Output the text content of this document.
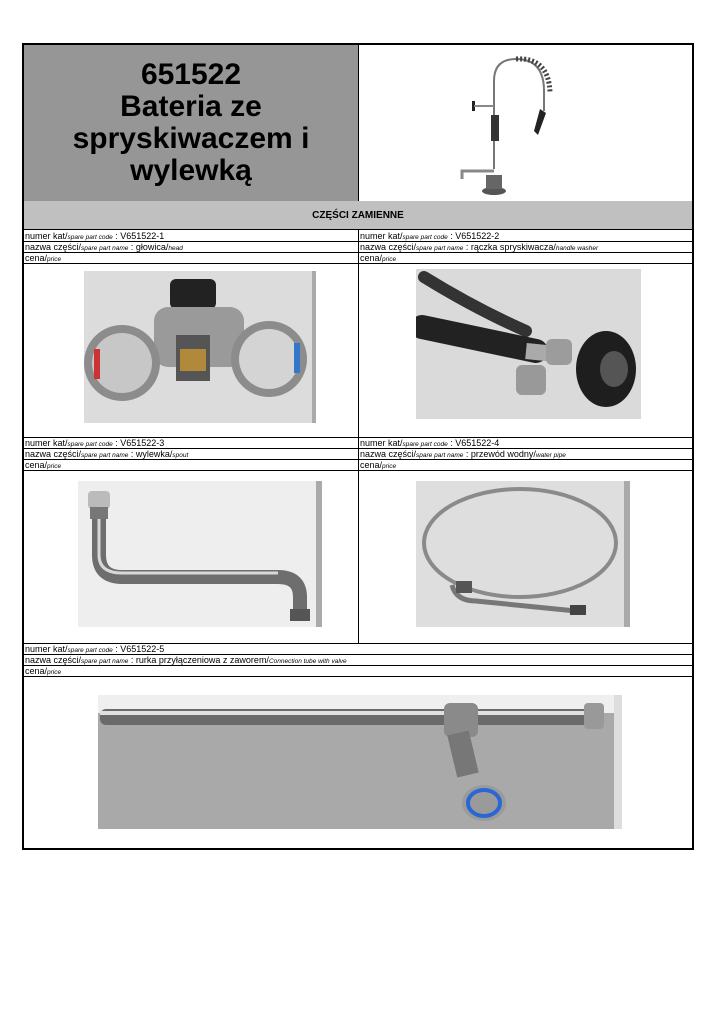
651522
Bateria ze
spryskiwaczem i
wylewką
CZĘŚCI ZAMIENNE
numer kat/spare part code : V651522-1	numer kat/spare part code : V651522-2
nazwa części/spare part name : głowica/head	nazwa części/spare part name : rączka spryskiwacza/handle washer
cena/price	cena/price
numer kat/spare part code : V651522-3	numer kat/spare part code : V651522-4
nazwa części/spare part name : wylewka/spout	nazwa części/spare part name : przewód wodny/water pipe
cena/price	cena/price
numer kat/spare part code : V651522-5
nazwa części/spare part name : rurka przyłączeniowa z zaworem/Connection tube with valve
cena/price
